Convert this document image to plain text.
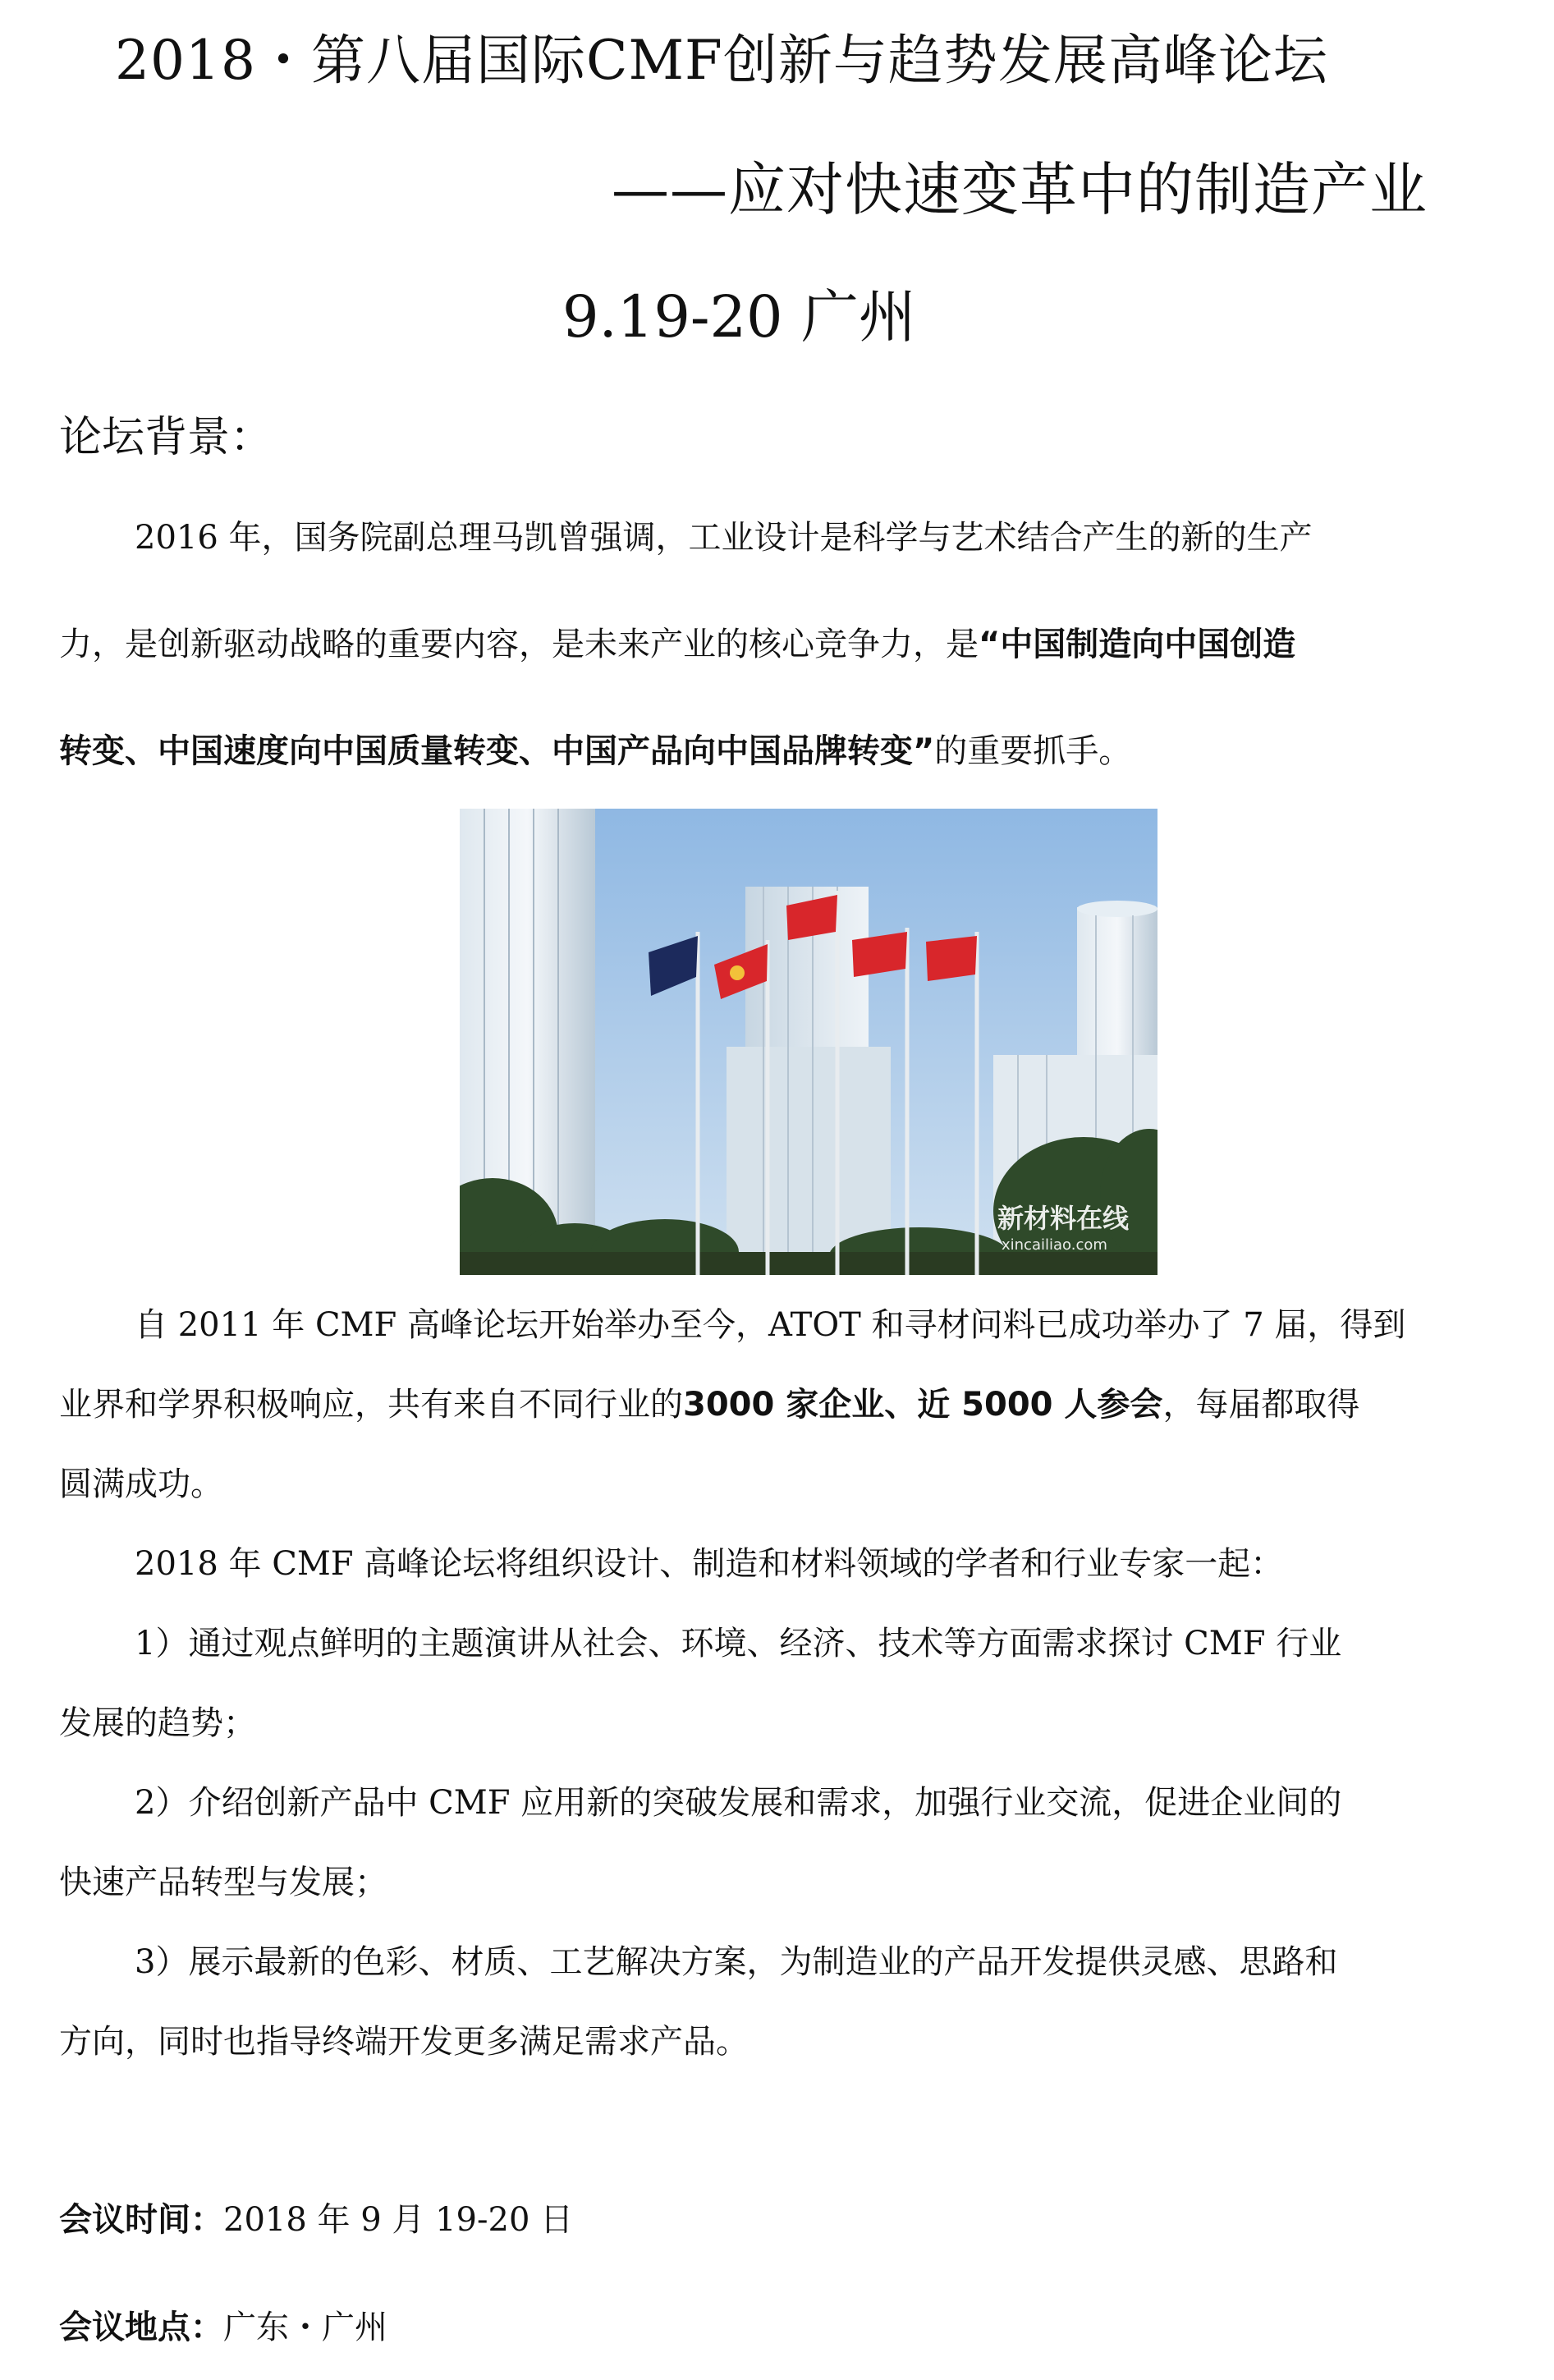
2018・第八届国际CMF创新与趋势发展高峰论坛
——应对快速变革中的制造产业
9.19-20 广州
论坛背景：
2016 年，国务院副总理马凯曾强调，工业设计是科学与艺术结合产生的新的生产
力，是创新驱动战略的重要内容，是未来产业的核心竞争力，是“中国制造向中国创造
转变、中国速度向中国质量转变、中国产品向中国品牌转变”的重要抓手。
新材料在线
xincailiao.com
自 2011 年 CMF 高峰论坛开始举办至今，ATOT 和寻材问料已成功举办了 7 届，得到
业界和学界积极响应，共有来自不同行业的3000 家企业、近 5000 人参会，每届都取得
圆满成功。
2018 年 CMF 高峰论坛将组织设计、制造和材料领域的学者和行业专家一起：
1）通过观点鲜明的主题演讲从社会、环境、经济、技术等方面需求探讨 CMF 行业
发展的趋势；
2）介绍创新产品中 CMF 应用新的突破发展和需求，加强行业交流，促进企业间的
快速产品转型与发展；
3）展示最新的色彩、材质、工艺解决方案，为制造业的产品开发提供灵感、思路和
方向，同时也指导终端开发更多满足需求产品。
会议时间：2018 年 9 月 19-20 日
会议地点：广东・广州
